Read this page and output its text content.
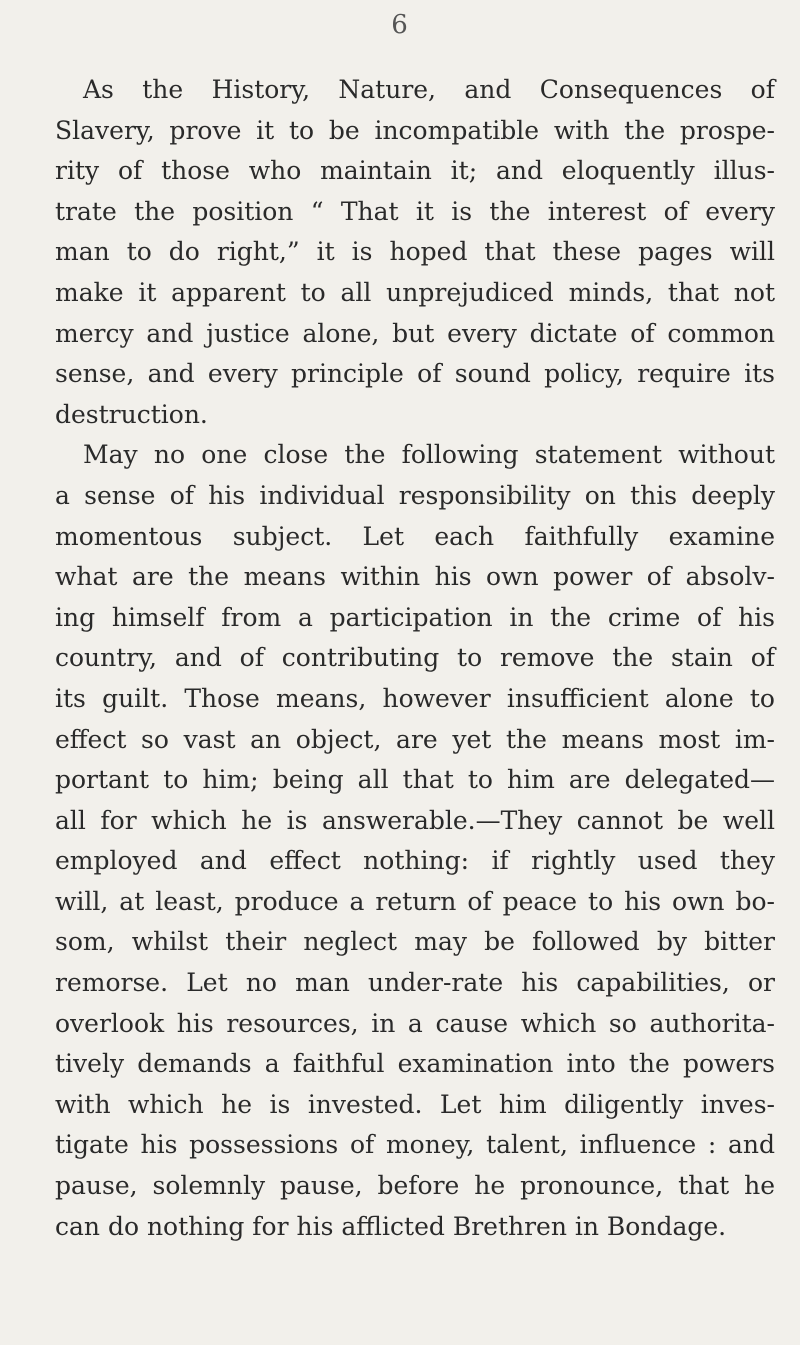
6
As the History, Nature, and Consequences of
Slavery, prove it to be incompatible with the prospe-
rity of those who maintain it; and eloquently illus-
trate the position “ That it is the interest of every
man to do right,” it is hoped that these pages will
make it apparent to all unprejudiced minds, that not
mercy and justice alone, but every dictate of common
sense, and every principle of sound policy, require its
destruction.
May no one close the following statement without
a sense of his individual responsibility on this deeply
momentous subject. Let each faithfully examine
what are the means within his own power of absolv-
ing himself from a participation in the crime of his
country, and of contributing to remove the stain of
its guilt. Those means, however insufficient alone to
effect so vast an object, are yet the means most im-
portant to him; being all that to him are delegated—
all for which he is answerable.—They cannot be well
employed and effect nothing: if rightly used they
will, at least, produce a return of peace to his own bo-
som, whilst their neglect may be followed by bitter
remorse. Let no man under-rate his capabilities, or
overlook his resources, in a cause which so authorita-
tively demands a faithful examination into the powers
with which he is invested. Let him diligently inves-
tigate his possessions of money, talent, influence : and
pause, solemnly pause, before he pronounce, that he
can do nothing for his afflicted Brethren in Bondage.
